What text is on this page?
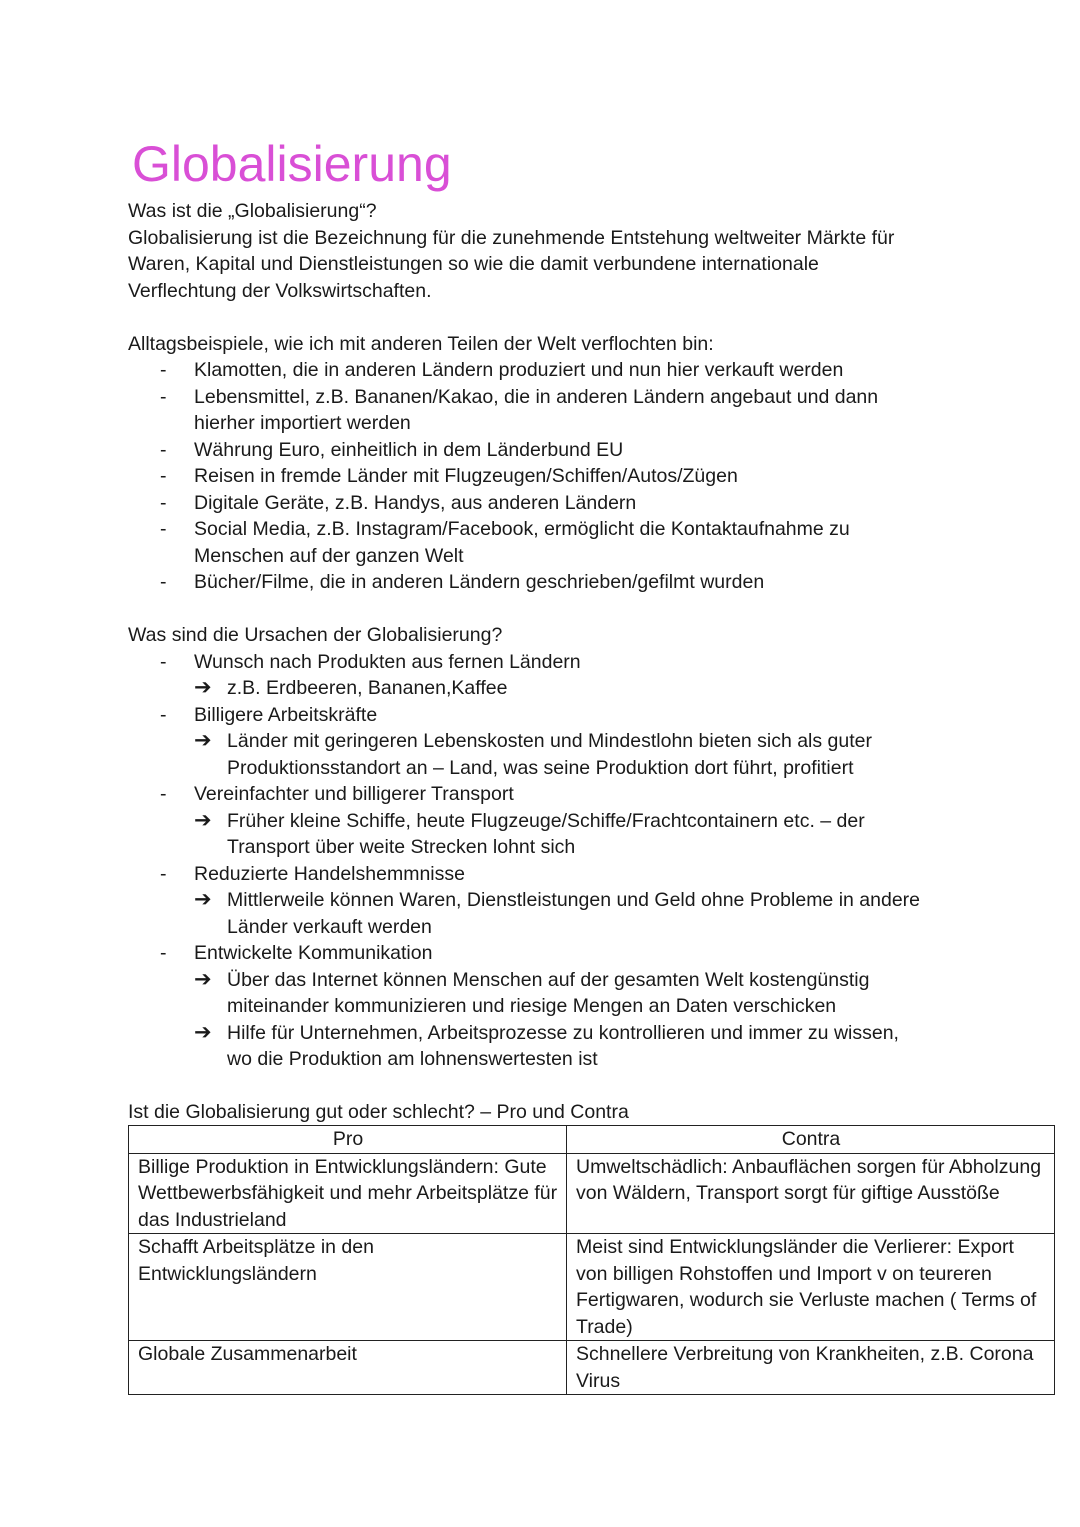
Globalisierung

Was ist die „Globalisierung“?

Globalisierung ist die Bezeichnung für die zunehmende Entstehung weltweiter Märkte für Waren, Kapital und Dienstleistungen so wie die damit verbundene internationale Verflechtung der Volkswirtschaften.

Alltagsbeispiele, wie ich mit anderen Teilen der Welt verflochten bin:

- Klamotten, die in anderen Ländern produziert und nun hier verkauft werden
- Lebensmittel, z.B. Bananen/Kakao, die in anderen Ländern angebaut und dann hierher importiert werden
- Währung Euro, einheitlich in dem Länderbund EU
- Reisen in fremde Länder mit Flugzeugen/Schiffen/Autos/Zügen
- Digitale Geräte, z.B. Handys, aus anderen Ländern
- Social Media, z.B. Instagram/Facebook, ermöglicht die Kontaktaufnahme zu Menschen auf der ganzen Welt
- Bücher/Filme, die in anderen Ländern geschrieben/gefilmt wurden

Was sind die Ursachen der Globalisierung?

- Wunsch nach Produkten aus fernen Ländern
➔ z.B. Erdbeeren, Bananen,Kaffee
- Billigere Arbeitskräfte
➔ Länder mit geringeren Lebenskosten und Mindestlohn bieten sich als guter Produktionsstandort an – Land, was seine Produktion dort führt, profitiert
- Vereinfachter und billigerer Transport
➔ Früher kleine Schiffe, heute Flugzeuge/Schiffe/Frachtcontainern etc. – der Transport über weite Strecken lohnt sich
- Reduzierte Handelshemmnisse
➔ Mittlerweile können Waren, Dienstleistungen und Geld ohne Probleme in andere Länder verkauft werden
- Entwickelte Kommunikation
➔ Über das Internet können Menschen auf der gesamten Welt kostengünstig miteinander kommunizieren und riesige Mengen an Daten verschicken
➔ Hilfe für Unternehmen, Arbeitsprozesse zu kontrollieren und immer zu wissen, wo die Produktion am lohnenswertesten ist

Ist die Globalisierung gut oder schlecht? – Pro und Contra

Pro	Contra
Billige Produktion in Entwicklungsländern: Gute Wettbewerbsfähigkeit und mehr Arbeitsplätze für das Industrieland	Umweltschädlich: Anbauflächen sorgen für Abholzung von Wäldern, Transport sorgt für giftige Ausstöße
Schafft Arbeitsplätze in den Entwicklungsländern	Meist sind Entwicklungsländer die Verlierer: Export von billigen Rohstoffen und Import v on teureren Fertigwaren, wodurch sie Verluste machen ( Terms of Trade)
Globale Zusammenarbeit	Schnellere Verbreitung von Krankheiten, z.B. Corona Virus
